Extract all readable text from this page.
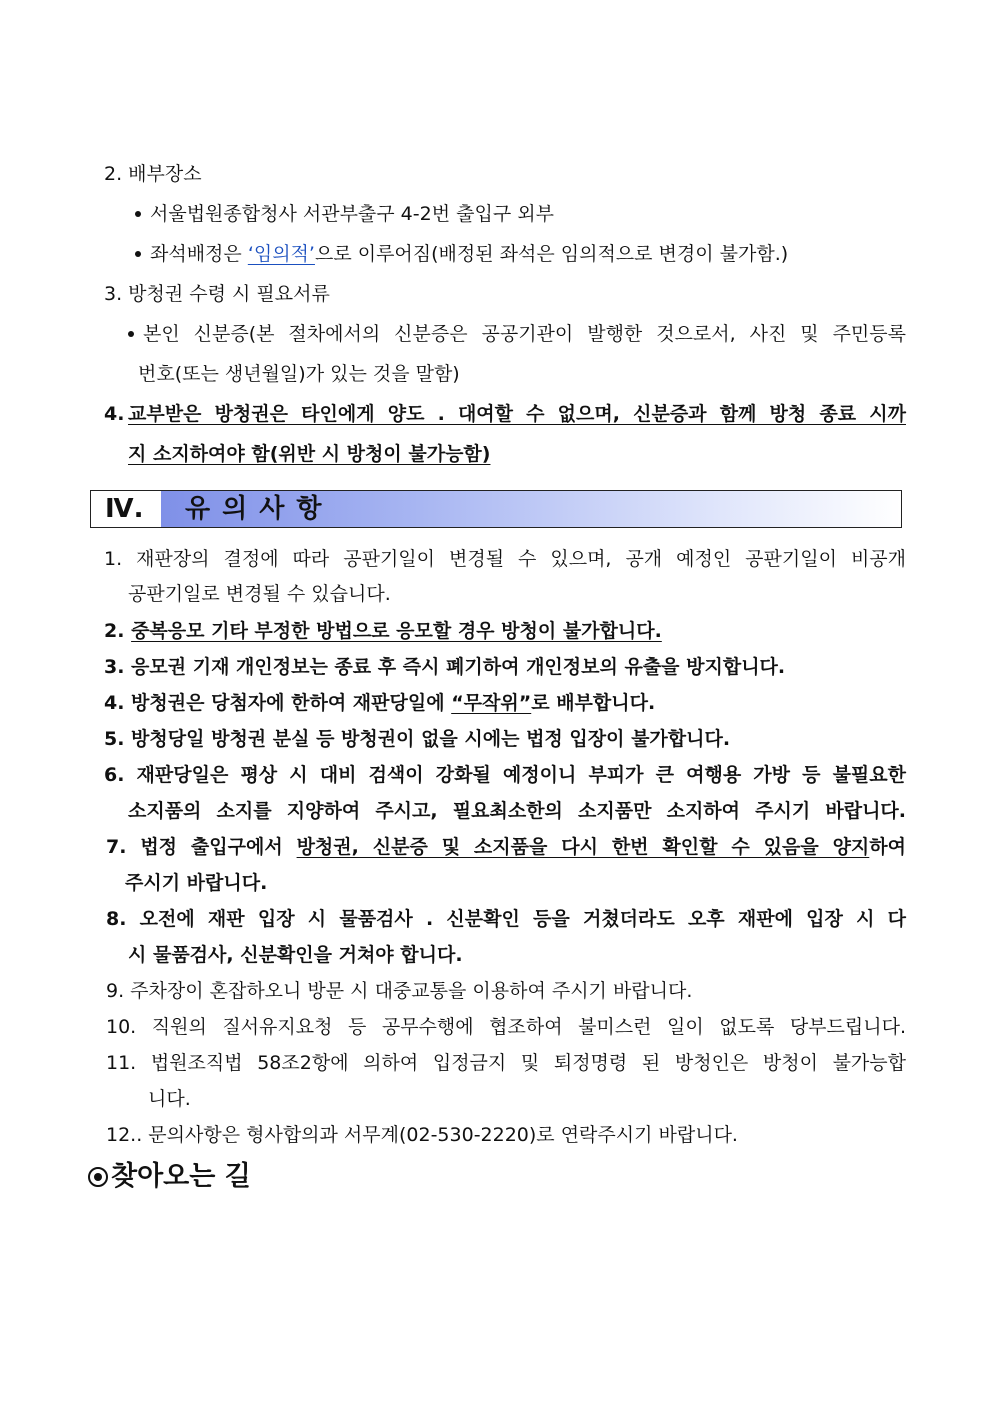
2. 배부장소
서울법원종합청사 서관부출구 4-2번 출입구 외부
좌석배정은 ‘임의적’으로 이루어짐(배정된 좌석은 임의적으로 변경이 불가함.)
3. 방청권 수령 시 필요서류
본인 신분증(본 절차에서의 신분증은 공공기관이 발행한 것으로서, 사진 및 주민등록
번호(또는 생년월일)가 있는 것을 말함)
4. 교부받은 방청권은 타인에게 양도 . 대여할 수 없으며, 신분증과 함께 방청 종료 시까
지 소지하여야 함(위반 시 방청이 불가능함)
Ⅳ.	유의사항
1. 재판장의 결정에 따라 공판기일이 변경될 수 있으며, 공개 예정인 공판기일이 비공개
공판기일로 변경될 수 있습니다.
2. 중복응모 기타 부정한 방법으로 응모할 경우 방청이 불가합니다.
3. 응모권 기재 개인정보는 종료 후 즉시 폐기하여 개인정보의 유출을 방지합니다.
4. 방청권은 당첨자에 한하여 재판당일에 “무작위”로 배부합니다.
5. 방청당일 방청권 분실 등 방청권이 없을 시에는 법정 입장이 불가합니다.
6. 재판당일은 평상 시 대비 검색이 강화될 예정이니 부피가 큰 여행용 가방 등 불필요한
소지품의 소지를 지양하여 주시고, 필요최소한의 소지품만 소지하여 주시기 바랍니다.
7. 법정 출입구에서 방청권, 신분증 및 소지품을 다시 한번 확인할 수 있음을 양지하여
주시기 바랍니다.
8. 오전에 재판 입장 시 물품검사 . 신분확인 등을 거쳤더라도 오후 재판에 입장 시 다
시 물품검사, 신분확인을 거쳐야 합니다.
9. 주차장이 혼잡하오니 방문 시 대중교통을 이용하여 주시기 바랍니다.
10. 직원의 질서유지요청 등 공무수행에 협조하여 불미스런 일이 없도록 당부드립니다.
11. 법원조직법 58조2항에 의하여 입정금지 및 퇴정명령 된 방청인은 방청이 불가능합
니다.
12.. 문의사항은 형사합의과 서무계(02-530-2220)로 연락주시기 바랍니다.
찾아오는 길
